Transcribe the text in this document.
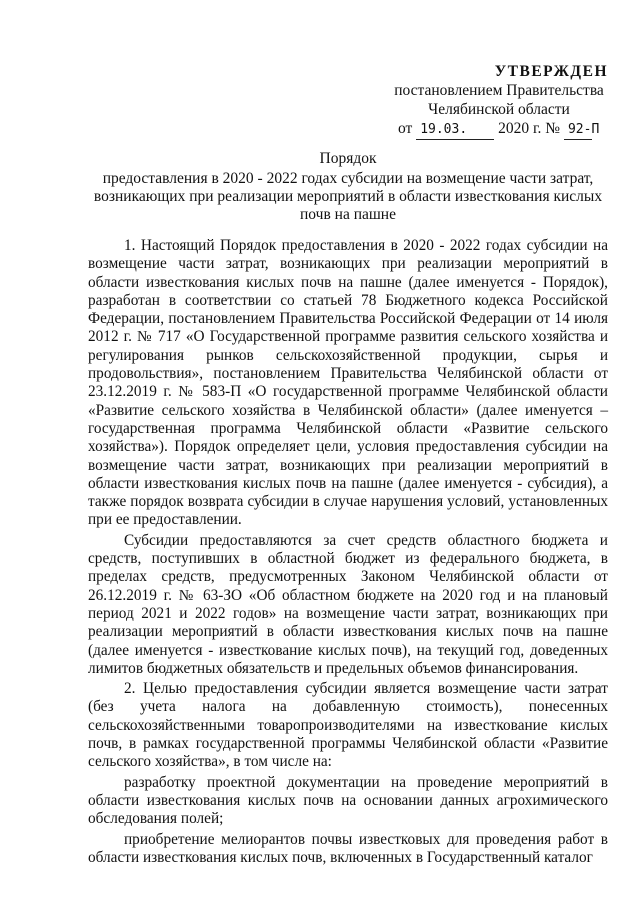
УТВЕРЖДЕН
постановлением Правительства
Челябинской области
от 19.03. 2020 г. № 92-П
Порядок
предоставления в 2020 - 2022 годах субсидии на возмещение части затрат,
возникающих при реализации мероприятий в области известкования кислых
почв на пашне

1. Настоящий Порядок предоставления в 2020 - 2022 годах субсидии на возмещение части затрат, возникающих при реализации мероприятий в области известкования кислых почв на пашне (далее именуется - Порядок), разработан в соответствии со статьей 78 Бюджетного кодекса Российской Федерации, постановлением Правительства Российской Федерации от 14 июля 2012 г. № 717 «О Государственной программе развития сельского хозяйства и регулирования рынков сельскохозяйственной продукции, сырья и продовольствия», постановлением Правительства Челябинской области от 23.12.2019 г. № 583-П «О государственной программе Челябинской области «Развитие сельского хозяйства в Челябинской области» (далее именуется – государственная программа Челябинской области «Развитие сельского хозяйства»). Порядок определяет цели, условия предоставления субсидии на возмещение части затрат, возникающих при реализации мероприятий в области известкования кислых почв на пашне (далее именуется - субсидия), а также порядок возврата субсидии в случае нарушения условий, установленных при ее предоставлении.

Субсидии предоставляются за счет средств областного бюджета и средств, поступивших в областной бюджет из федерального бюджета, в пределах средств, предусмотренных Законом Челябинской области от 26.12.2019 г. № 63-ЗО «Об областном бюджете на 2020 год и на плановый период 2021 и 2022 годов» на возмещение части затрат, возникающих при реализации мероприятий в области известкования кислых почв на пашне (далее именуется - известкование кислых почв), на текущий год, доведенных лимитов бюджетных обязательств и предельных объемов финансирования.

2. Целью предоставления субсидии является возмещение части затрат (без учета налога на добавленную стоимость), понесенных сельскохозяйственными товаропроизводителями на известкование кислых почв, в рамках государственной программы Челябинской области «Развитие сельского хозяйства», в том числе на:

разработку проектной документации на проведение мероприятий в области известкования кислых почв на основании данных агрохимического обследования полей;

приобретение мелиорантов почвы известковых для проведения работ в области известкования кислых почв, включенных в Государственный каталог
